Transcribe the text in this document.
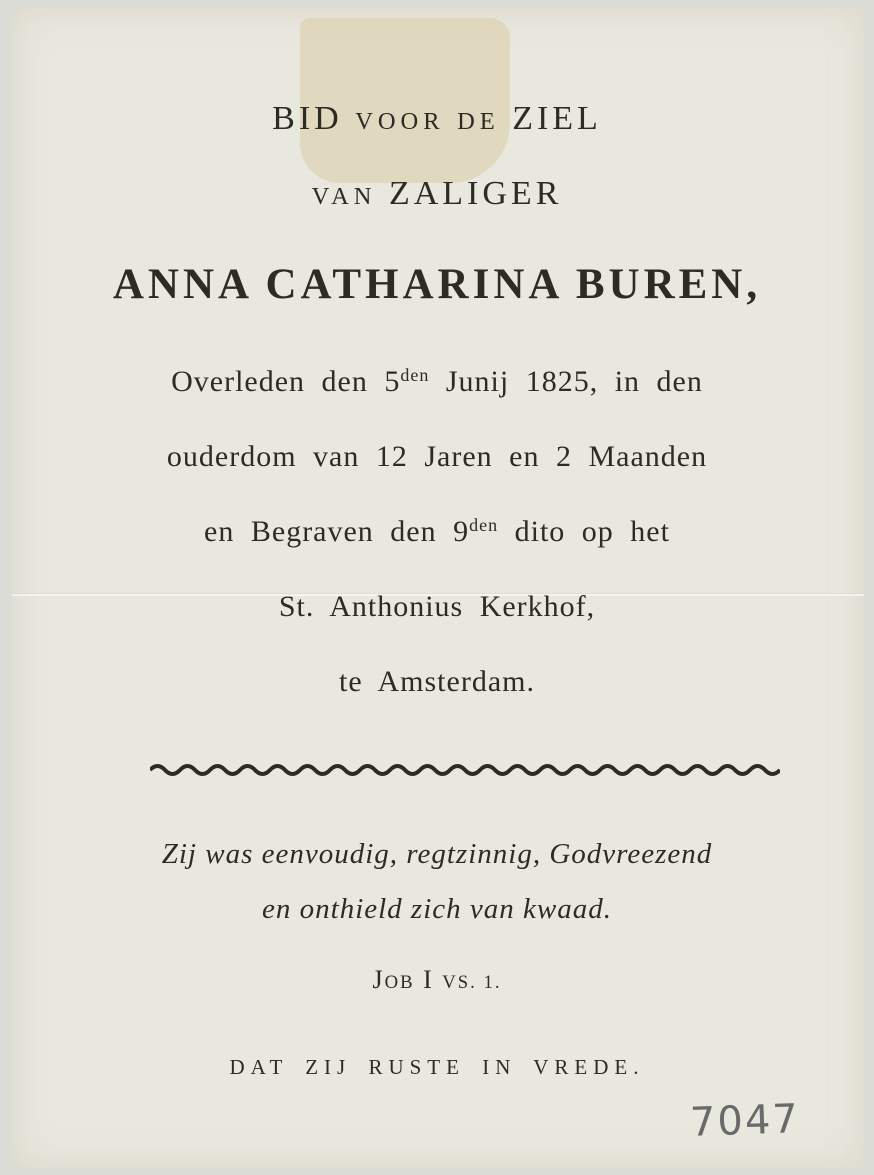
BID VOOR DE ZIEL
VAN ZALIGER
ANNA CATHARINA BUREN,
Overleden den $5^{den}$ Junij 1825, in den
ouderdom van 12 Jaren en 2 Maanden
en Begraven den $9^{den}$ dito op het
St. Anthonius Kerkhof,
te Amsterdam.
Zij was eenvoudig, regtzinnig, Godvreezend
en onthield zich van kwaad.
JOB I VS. 1.
DAT ZIJ RUSTE IN VREDE.
7047
